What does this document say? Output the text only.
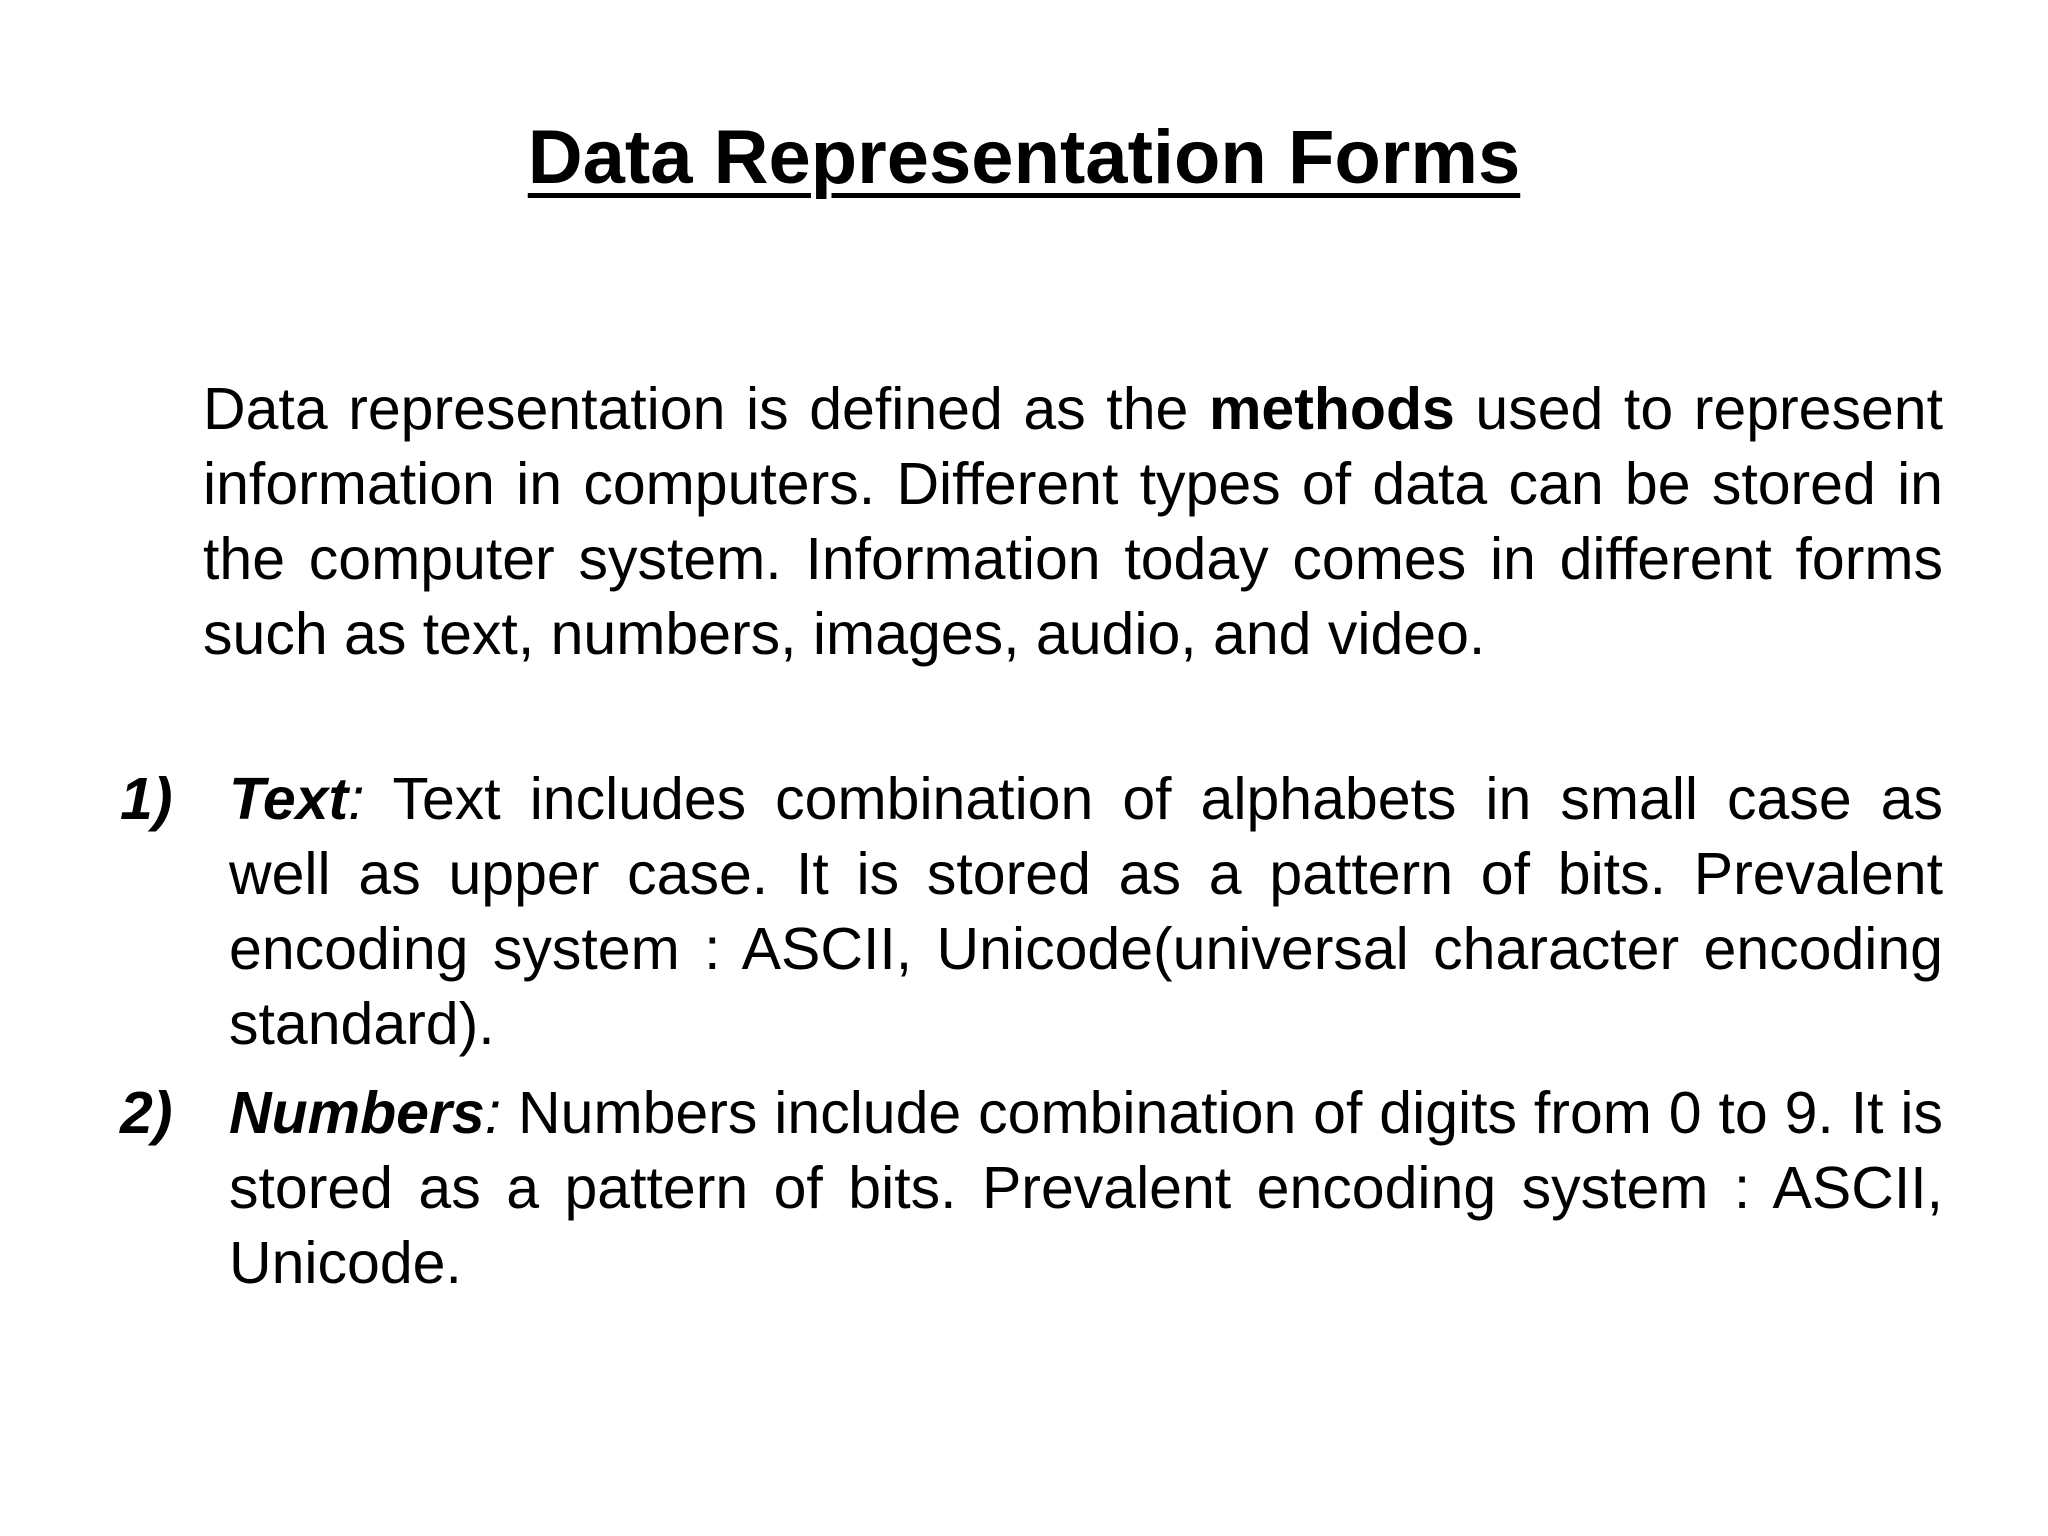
Data Representation Forms

Data representation is defined as the methods used to represent information in computers. Different types of data can be stored in the computer system. Information today comes in different forms such as text, numbers, images, audio, and video.

1) Text: Text includes combination of alphabets in small case as well as upper case. It is stored as a pattern of bits. Prevalent encoding system : ASCII, Unicode(universal character encoding standard).
2) Numbers: Numbers include combination of digits from 0 to 9. It is stored as a pattern of bits. Prevalent encoding system : ASCII, Unicode.
